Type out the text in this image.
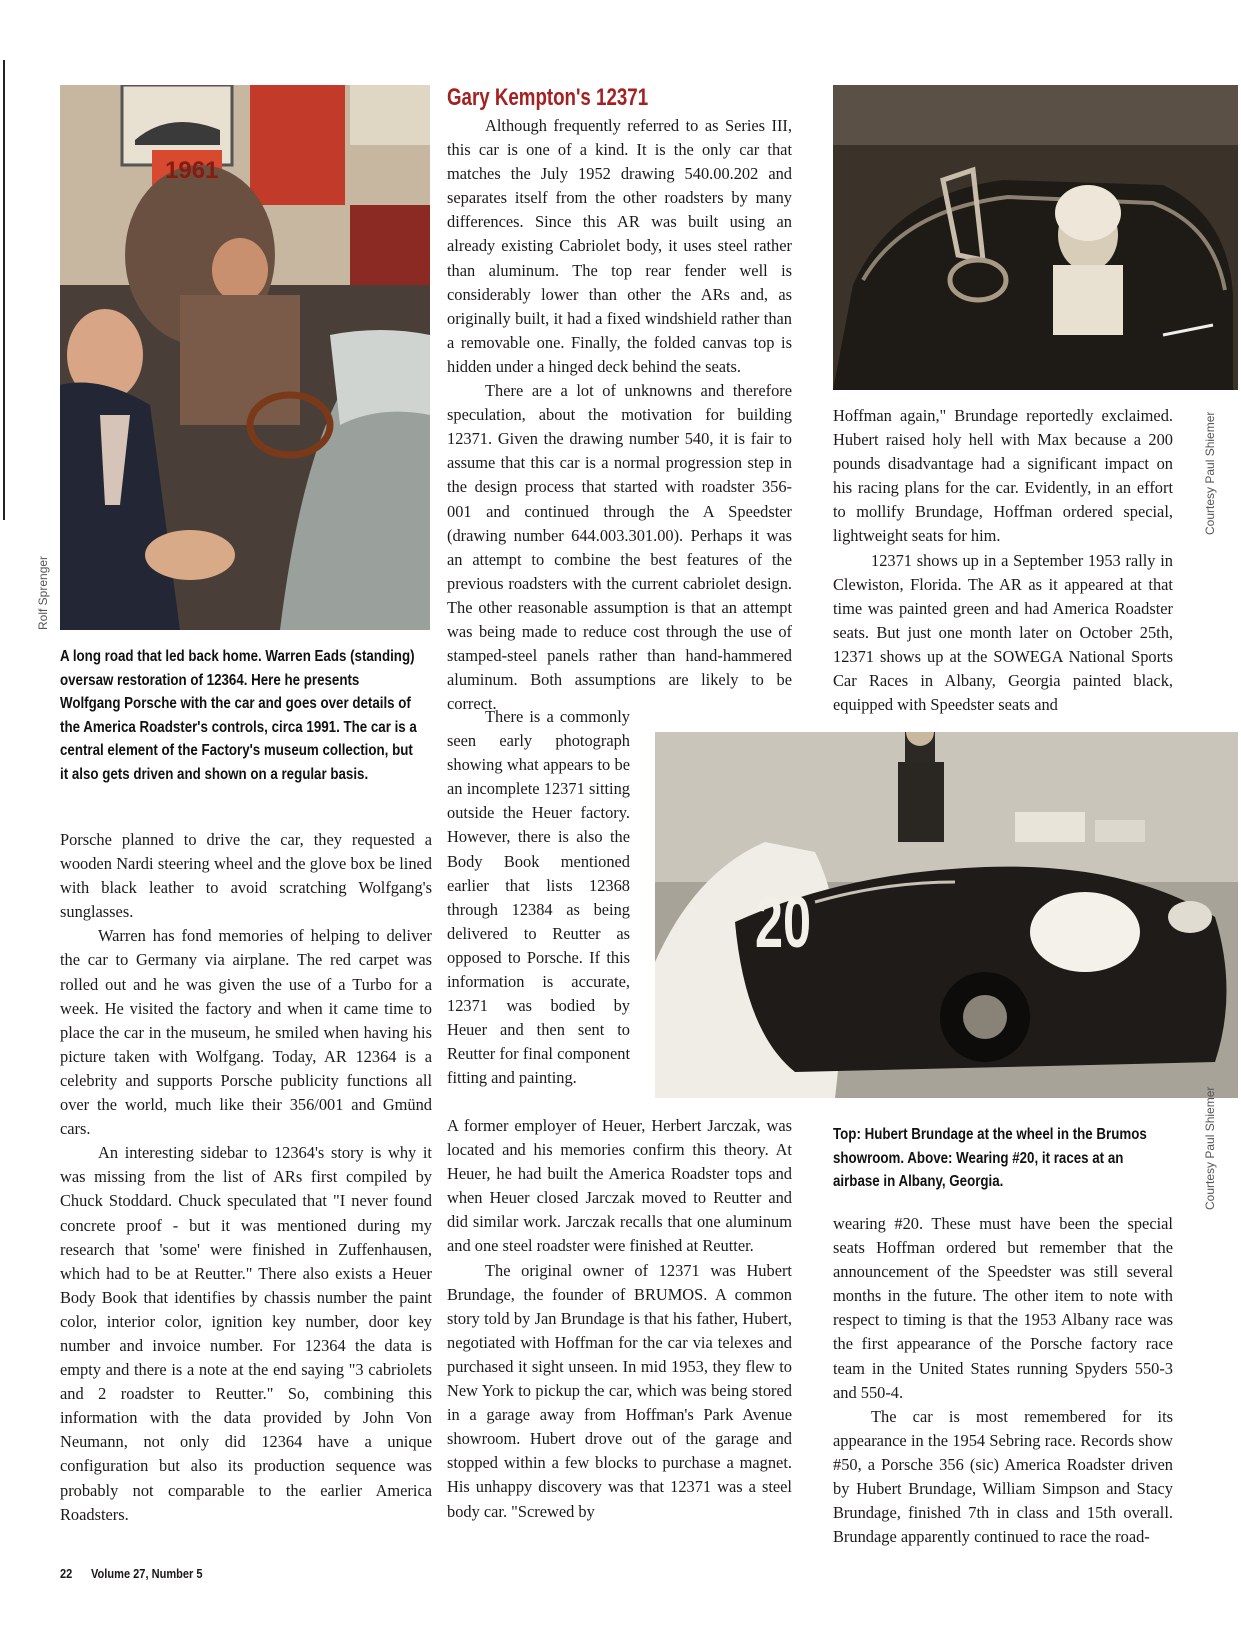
1961
Rolf Sprenger
A long road that led back home. Warren Eads (standing) oversaw restoration of 12364. Here he presents Wolfgang Porsche with the car and goes over details of the America Roadster's controls, circa 1991. The car is a central element of the Factory's museum collection, but it also gets driven and shown on a regular basis.

Porsche planned to drive the car, they requested a wooden Nardi steering wheel and the glove box be lined with black leather to avoid scratching Wolfgang's sunglasses.

Warren has fond memories of helping to deliver the car to Germany via airplane. The red carpet was rolled out and he was given the use of a Turbo for a week. He visited the factory and when it came time to place the car in the museum, he smiled when having his picture taken with Wolfgang. Today, AR 12364 is a celebrity and supports Porsche publicity functions all over the world, much like their 356/001 and Gmünd cars.

An interesting sidebar to 12364's story is why it was missing from the list of ARs first compiled by Chuck Stoddard. Chuck speculated that "I never found concrete proof - but it was mentioned during my research that 'some' were finished in Zuffenhausen, which had to be at Reutter." There also exists a Heuer Body Book that identifies by chassis number the paint color, interior color, ignition key number, door key number and invoice number. For 12364 the data is empty and there is a note at the end saying "3 cabriolets and 2 roadster to Reutter." So, combining this information with the data provided by John Von Neumann, not only did 12364 have a unique configuration but also its production sequence was probably not comparable to the earlier America Roadsters.

Gary Kempton's 12371

Although frequently referred to as Series III, this car is one of a kind. It is the only car that matches the July 1952 drawing 540.00.202 and separates itself from the other roadsters by many differences. Since this AR was built using an already existing Cabriolet body, it uses steel rather than aluminum. The top rear fender well is considerably lower than other the ARs and, as originally built, it had a fixed windshield rather than a removable one. Finally, the folded canvas top is hidden under a hinged deck behind the seats.

There are a lot of unknowns and therefore speculation, about the motivation for building 12371. Given the drawing number 540, it is fair to assume that this car is a normal progression step in the design process that started with roadster 356-001 and continued through the A Speedster (drawing number 644.003.301.00). Perhaps it was an attempt to combine the best features of the previous roadsters with the current cabriolet design. The other reasonable assumption is that an attempt was being made to reduce cost through the use of stamped-steel panels rather than hand-hammered aluminum. Both assumptions are likely to be correct.

There is a commonly seen early photograph showing what appears to be an incomplete 12371 sitting outside the Heuer factory. However, there is also the Body Book mentioned earlier that lists 12368 through 12384 as being delivered to Reutter as opposed to Porsche. If this information is accurate, 12371 was bodied by Heuer and then sent to Reutter for final component fitting and painting.

A former employer of Heuer, Herbert Jarczak, was located and his memories confirm this theory. At Heuer, he had built the America Roadster tops and when Heuer closed Jarczak moved to Reutter and did similar work. Jarczak recalls that one aluminum and one steel roadster were finished at Reutter.

The original owner of 12371 was Hubert Brundage, the founder of BRUMOS. A common story told by Jan Brundage is that his father, Hubert, negotiated with Hoffman for the car via telexes and purchased it sight unseen. In mid 1953, they flew to New York to pickup the car, which was being stored in a garage away from Hoffman's Park Avenue showroom. Hubert drove out of the garage and stopped within a few blocks to purchase a magnet. His unhappy discovery was that 12371 was a steel body car. "Screwed by

Courtesy Paul Shiemer

Hoffman again," Brundage reportedly exclaimed. Hubert raised holy hell with Max because a 200 pounds disadvantage had a significant impact on his racing plans for the car. Evidently, in an effort to mollify Brundage, Hoffman ordered special, lightweight seats for him.

12371 shows up in a September 1953 rally in Clewiston, Florida. The AR as it appeared at that time was painted green and had America Roadster seats. But just one month later on October 25th, 12371 shows up at the SOWEGA National Sports Car Races in Albany, Georgia painted black, equipped with Speedster seats and

20
Top: Hubert Brundage at the wheel in the Brumos showroom. Above: Wearing #20, it races at an airbase in Albany, Georgia.	Courtesy Paul Shiemer

wearing #20. These must have been the special seats Hoffman ordered but remember that the announcement of the Speedster was still several months in the future. The other item to note with respect to timing is that the 1953 Albany race was the first appearance of the Porsche factory race team in the United States running Spyders 550-3 and 550-4.

The car is most remembered for its appearance in the 1954 Sebring race. Records show #50, a Porsche 356 (sic) America Roadster driven by Hubert Brundage, William Simpson and Stacy Brundage, finished 7th in class and 15th overall. Brundage apparently continued to race the road-

22 Volume 27, Number 5
